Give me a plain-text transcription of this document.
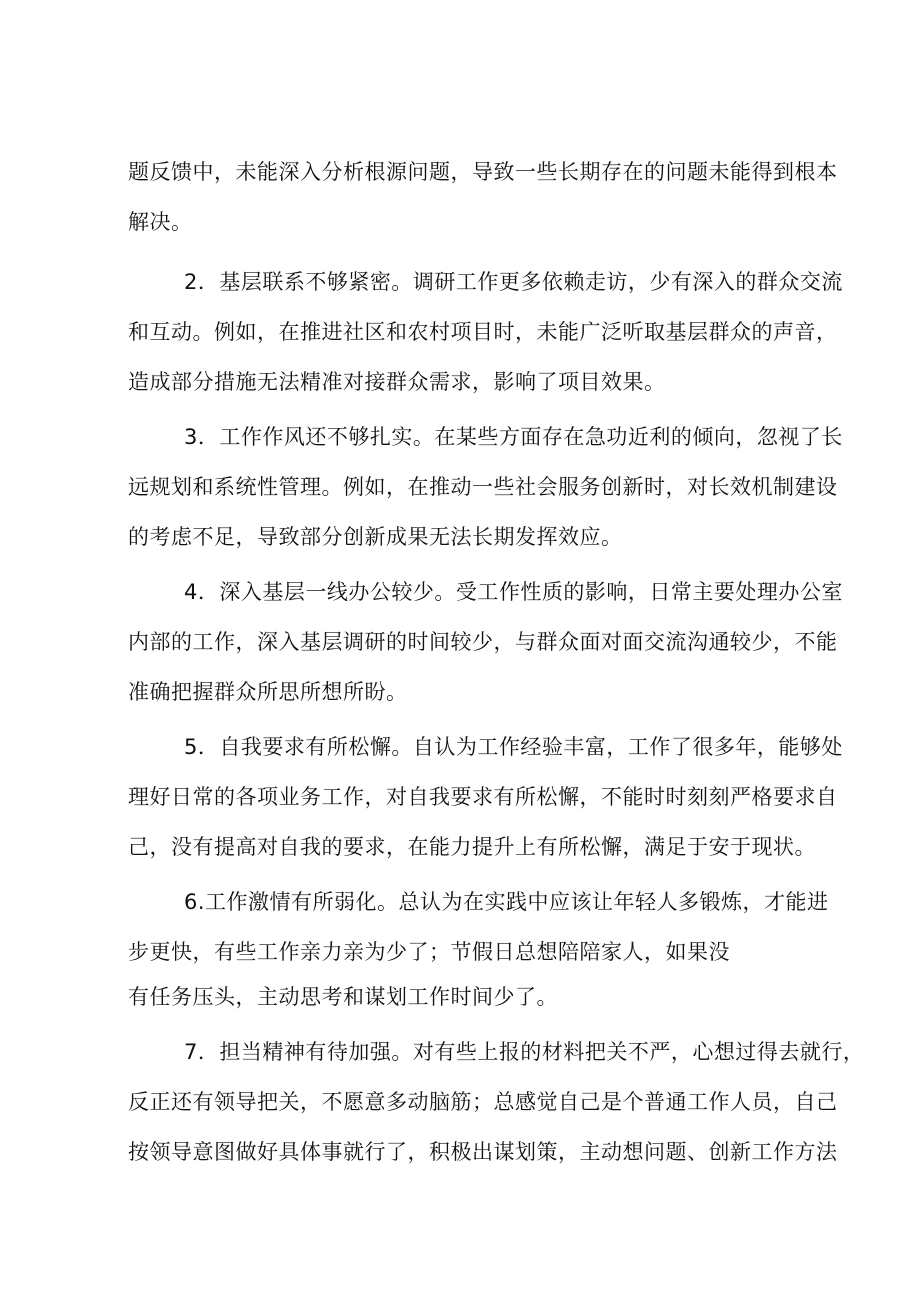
题反馈中，未能深入分析根源问题，导致一些长期存在的问题未能得到根本
解决。
2．基层联系不够紧密。调研工作更多依赖走访，少有深入的群众交流
和互动。例如，在推进社区和农村项目时，未能广泛听取基层群众的声音，
造成部分措施无法精准对接群众需求，影响了项目效果。
3．工作作风还不够扎实。在某些方面存在急功近利的倾向，忽视了长
远规划和系统性管理。例如，在推动一些社会服务创新时，对长效机制建设
的考虑不足，导致部分创新成果无法长期发挥效应。
4．深入基层一线办公较少。受工作性质的影响，日常主要处理办公室
内部的工作，深入基层调研的时间较少，与群众面对面交流沟通较少，不能
准确把握群众所思所想所盼。
5．自我要求有所松懈。自认为工作经验丰富，工作了很多年，能够处
理好日常的各项业务工作，对自我要求有所松懈，不能时时刻刻严格要求自
己，没有提高对自我的要求，在能力提升上有所松懈，满足于安于现状。
6.工作激情有所弱化。总认为在实践中应该让年轻人多锻炼，才能进
步更快，有些工作亲力亲为少了；节假日总想陪陪家人，如果没
有任务压头，主动思考和谋划工作时间少了。
7．担当精神有待加强。对有些上报的材料把关不严，心想过得去就行，
反正还有领导把关，不愿意多动脑筋；总感觉自己是个普通工作人员，自己
按领导意图做好具体事就行了，积极出谋划策，主动想问题、创新工作方法
